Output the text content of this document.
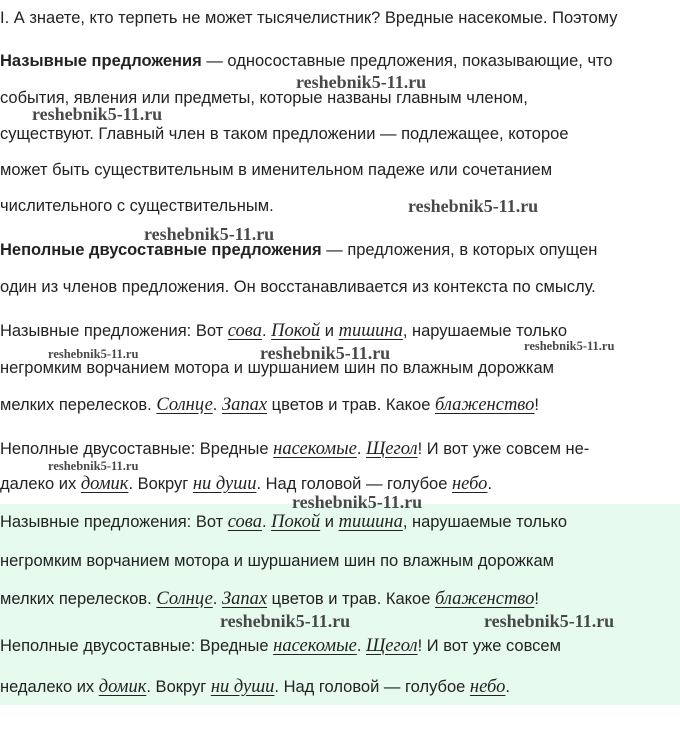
I. А знаете, кто терпеть не может тысячелистник? Вредные насекомые. Поэтому
Назывные предложения — односоставные предложения, показывающие, что
события, явления или предметы, которые названы главным членом,
существуют. Главный член в таком предложении — подлежащее, которое
может быть существительным в именительном падеже или сочетанием
числительного с существительным.
Неполные двусоставные предложения — предложения, в которых опущен
один из членов предложения. Он восстанавливается из контекста по смыслу.
Назывные предложения: Вот сова. Покой и тишина, нарушаемые только
негромким ворчанием мотора и шуршанием шин по влажным дорожкам
мелких перелесков. Солнце. Запах цветов и трав. Какое блаженство!
Неполные двусоставные: Вредные насекомые. Щегол! И вот уже совсем не-
далеко их домик. Вокруг ни души. Над головой — голубое небо.
Назывные предложения: Вот сова. Покой и тишина, нарушаемые только
негромким ворчанием мотора и шуршанием шин по влажным дорожкам
мелких перелесков. Солнце. Запах цветов и трав. Какое блаженство!
Неполные двусоставные: Вредные насекомые. Щегол! И вот уже совсем
недалеко их домик. Вокруг ни души. Над головой — голубое небо.
reshebnik5-11.ru
reshebnik5-11.ru
reshebnik5-11.ru
reshebnik5-11.ru
reshebnik5-11.ru	reshebnik5-11.ru	reshebnik5-11.ru
reshebnik5-11.ru
reshebnik5-11.ru
reshebnik5-11.ru	reshebnik5-11.ru
